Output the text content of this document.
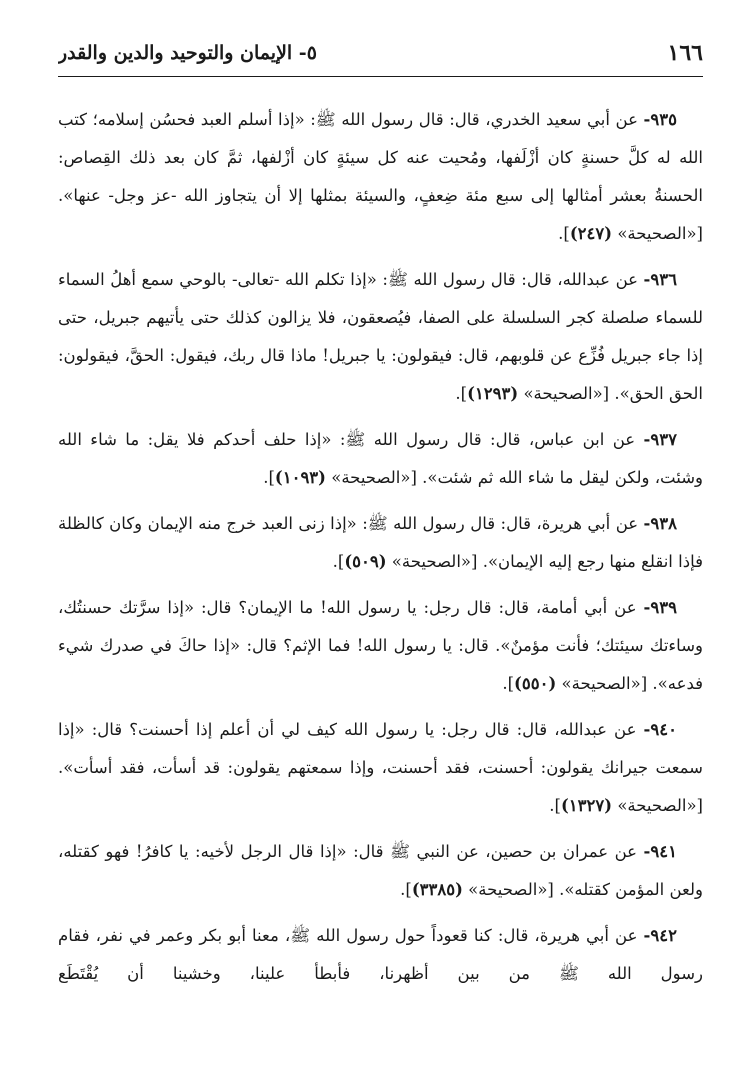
١٦٦
٥- الإيمان والتوحيد والدين والقدر

٩٣٥- عن أبي سعيد الخدري، قال: قال رسول الله ﷺ: «إذا أسلم العبد فحسُن إسلامه؛ كتب الله له كلَّ حسنةٍ كان أزْلَفها، ومُحيت عنه كل سيئةٍ كان أزْلفها، ثمَّ كان بعد ذلك القِصاص: الحسنةُ بعشر أمثالها إلى سبع مئة ضِعفٍ، والسيئة بمثلها إلا أن يتجاوز الله -عز وجل- عنها». [«الصحيحة» (٢٤٧)].

٩٣٦- عن عبدالله، قال: قال رسول الله ﷺ: «إذا تكلم الله -تعالى- بالوحي سمع أهلُ السماء للسماء صلصلة كجر السلسلة على الصفا، فيُصعقون، فلا يزالون كذلك حتى يأتيهم جبريل، حتى إذا جاء جبريل فُزِّع عن قلوبهم، قال: فيقولون: يا جبريل! ماذا قال ربك، فيقول: الحقَّ، فيقولون: الحق الحق». [«الصحيحة» (١٢٩٣)].

٩٣٧- عن ابن عباس، قال: قال رسول الله ﷺ: «إذا حلف أحدكم فلا يقل: ما شاء الله وشئت، ولكن ليقل ما شاء الله ثم شئت». [«الصحيحة» (١٠٩٣)].

٩٣٨- عن أبي هريرة، قال: قال رسول الله ﷺ: «إذا زنى العبد خرج منه الإيمان وكان كالظلة فإذا انقلع منها رجع إليه الإيمان». [«الصحيحة» (٥٠٩)].

٩٣٩- عن أبي أمامة، قال: قال رجل: يا رسول الله! ما الإيمان؟ قال: «إذا سرَّتك حسنتُك، وساءتك سيئتك؛ فأنت مؤمنٌ». قال: يا رسول الله! فما الإثم؟ قال: «إذا حاكَ في صدرك شيء فدعه». [«الصحيحة» (٥٥٠)].

٩٤٠- عن عبدالله، قال: قال رجل: يا رسول الله كيف لي أن أعلم إذا أحسنت؟ قال: «إذا سمعت جيرانك يقولون: أحسنت، فقد أحسنت، وإذا سمعتهم يقولون: قد أسأت، فقد أسأت». [«الصحيحة» (١٣٢٧)].

٩٤١- عن عمران بن حصين، عن النبي ﷺ قال: «إذا قال الرجل لأخيه: يا كافرُ! فهو كقتله، ولعن المؤمن كقتله». [«الصحيحة» (٣٣٨٥)].

٩٤٢- عن أبي هريرة، قال: كنا قعوداً حول رسول الله ﷺ، معنا أبو بكر وعمر في نفر، فقام رسول الله ﷺ من بين أظهرنا، فأبطأ علينا، وخشينا أن يُقْتَطَع
